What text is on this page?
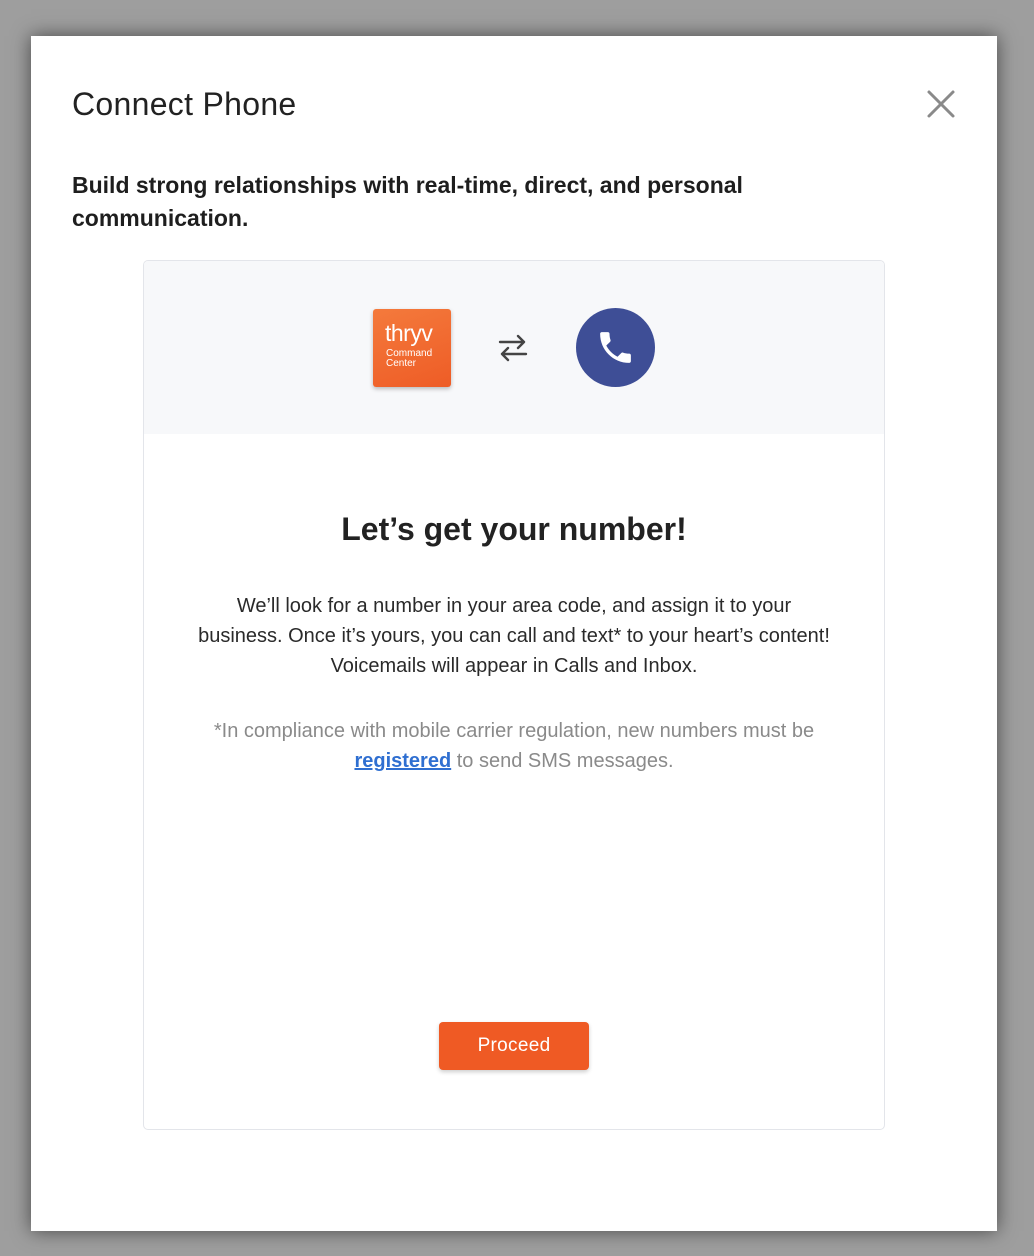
Connect Phone

Build strong relationships with real-time, direct, and personal communication.

thryv
Command
Center
Let’s get your number!

We’ll look for a number in your area code, and assign it to your business. Once it’s yours, you can call and text* to your heart’s content! Voicemails will appear in Calls and Inbox.

*In compliance with mobile carrier regulation, new numbers must be registered to send SMS messages.

Proceed
